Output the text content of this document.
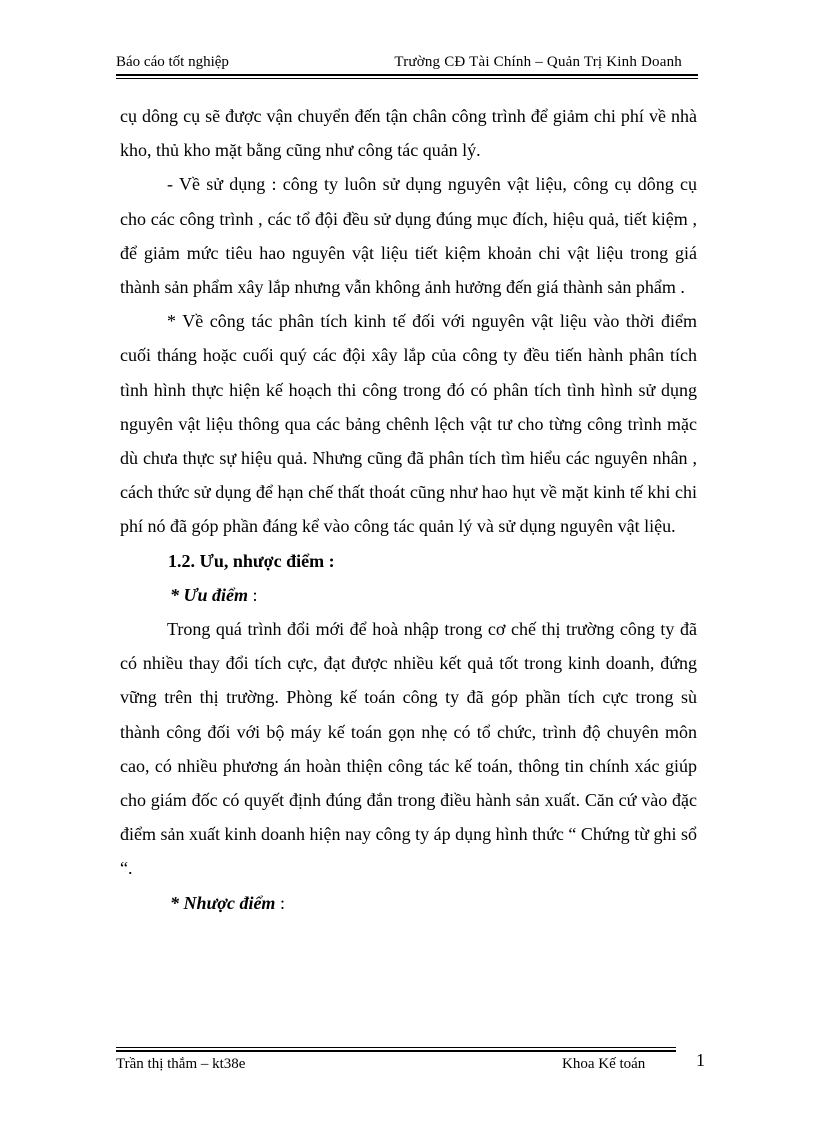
Báo cáo tốt nghiệp	Trường CĐ Tài Chính – Quản Trị Kinh Doanh

cụ dông cụ sẽ được vận chuyển đến tận chân công trình để giảm chi phí về nhà kho, thủ kho mặt bằng cũng như công tác quản lý.

- Về sử dụng : công ty luôn sử dụng nguyên vật liệu, công cụ dông cụ cho các công trình , các tổ đội đều sử dụng đúng mục đích, hiệu quả, tiết kiệm , để giảm mức tiêu hao nguyên vật liệu tiết kiệm khoản chi vật liệu trong giá thành sản phẩm xây lắp nhưng vẫn không ảnh hưởng đến giá thành sản phẩm .

* Về công tác phân tích kinh tế đối với nguyên vật liệu vào thời điểm cuối tháng hoặc cuối quý các đội xây lắp của công ty đều tiến hành phân tích tình hình thực hiện kế hoạch thi công trong đó có phân tích tình hình sử dụng nguyên vật liệu thông qua các bảng chênh lệch vật tư cho từng công trình mặc dù chưa thực sự hiệu quả. Nhưng cũng đã phân tích tìm hiểu các nguyên nhân , cách thức sử dụng để hạn chế thất thoát cũng như hao hụt về mặt kinh tế khi chi phí nó đã góp phần đáng kể vào công tác quản lý và sử dụng nguyên vật liệu.

1.2. Ưu, nhược điểm :

* Ưu điểm :

Trong quá trình đổi mới để hoà nhập trong cơ chế thị trường công ty đã có nhiều thay đổi tích cực, đạt được nhiều kết quả tốt trong kinh doanh, đứng vững trên thị trường. Phòng kế toán công ty đã góp phần tích cực trong sù thành công đối với bộ máy kế toán gọn nhẹ có tổ chức, trình độ chuyên môn cao, có nhiều phương án hoàn thiện công tác kế toán, thông tin chính xác giúp cho giám đốc có quyết định đúng đắn trong điều hành sản xuất. Căn cứ vào đặc điểm sản xuất kinh doanh hiện nay công ty áp dụng hình thức “ Chứng từ ghi sổ “.

* Nhược điểm :

Trần thị thắm – kt38e	Khoa Kế toán	1
